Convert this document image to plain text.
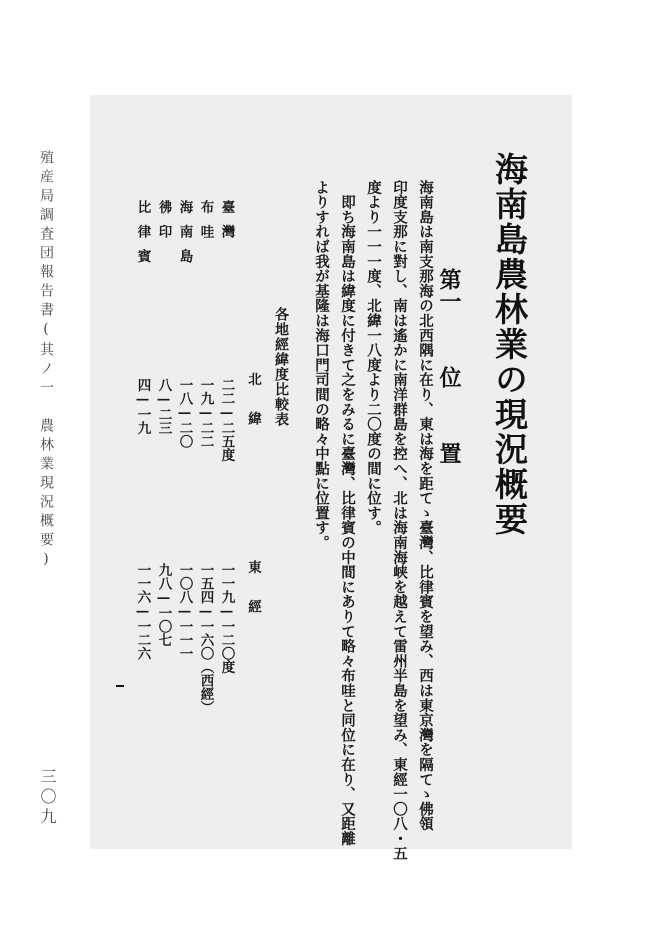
殖産局調査団報告書(其ノ一　農林業現況概要)
三〇九
海南島農林業の現況概要
第一位置
海南島は南支那海の北西隅に在り、東は海を距てゝ臺灣、比律賓を望み、西は東京灣を隔てゝ佛領
印度支那に對し、南は遙かに南洋群島を控へ、北は海南海峡を越えて雷州半島を望み、東經一〇八・五
度より一一一度、北緯一八度より二〇度の間に位す。
　即ち海南島は緯度に付きて之をみるに臺灣、比律賓の中間にありて略々布哇と同位に在り、又距離
よりすれば我が基隆は海口門司間の略々中點に位置す。
各地經緯度比較表
北緯
東經
臺灣
二二—二五度
一一九—一二〇度
布哇
一九—二二
一五四—一六〇（西經）
海南島
一八—二〇
一〇八—一一一
彿印
八—二三
九八—一〇七
比律賓
四—一九
一一六—一二六
